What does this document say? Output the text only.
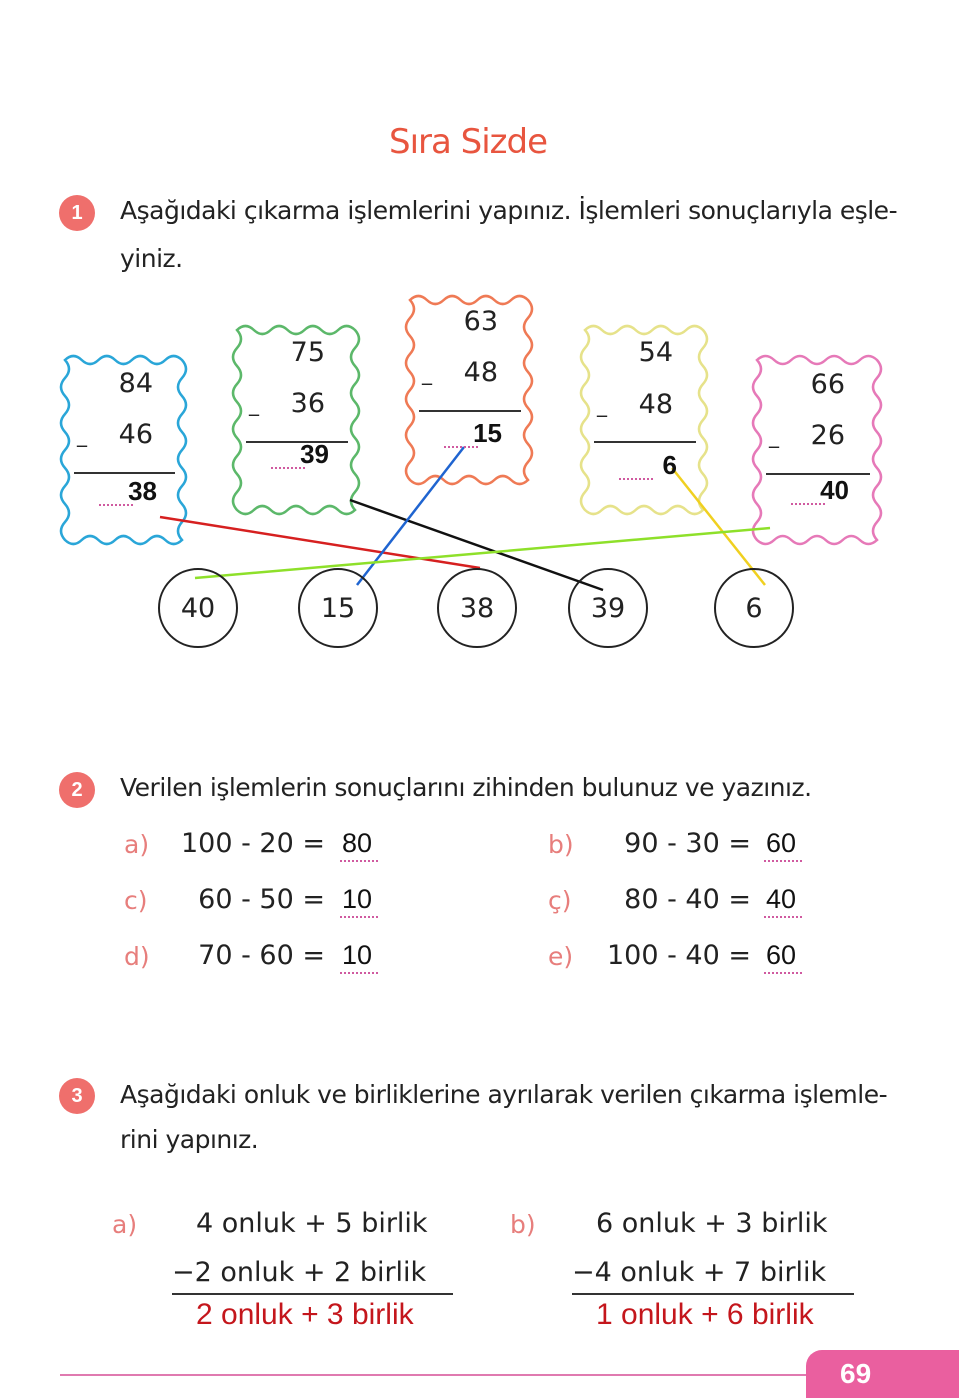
Sıra Sizde
1	Aşağıdaki çıkarma işlemlerini yapınız. İşlemleri sonuçlarıyla eşle-
yiniz.
84
46
_
38
75
36
_
39
63
48
_
15
54
48
_
6
66
26
_
40
40	15	38	39	6
2	Verilen işlemlerin sonuçlarını zihinden bulunuz ve yazınız.
a) 100 - 20 = 80	b)	90 - 30 = 60
c)	60 - 50 = 10	ç)	80 - 40 = 40
d)	70 - 60 = 10	e) 100 - 40 = 60
3	Aşağıdaki onluk ve birliklerine ayrılarak verilen çıkarma işlemle-
rini yapınız.
a) 4 onluk + 5 birlik
−2 onluk + 2 birlik
2 onluk + 3 birlik
b) 6 onluk + 3 birlik
−4 onluk + 7 birlik
1 onluk + 6 birlik
69
